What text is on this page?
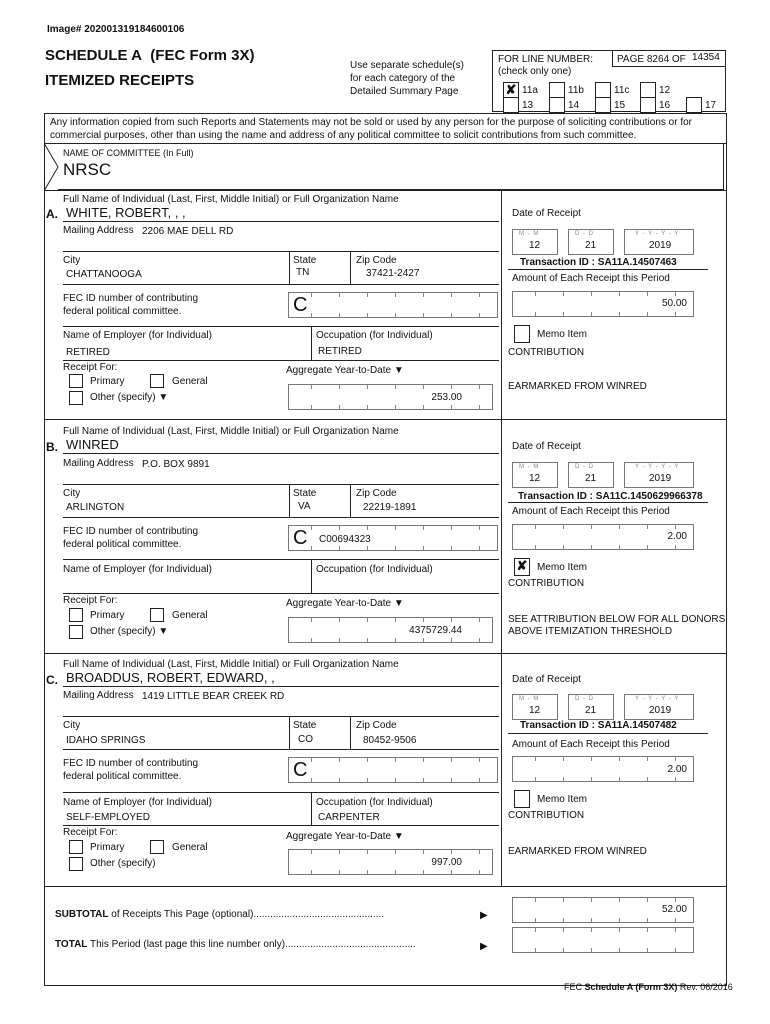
Image# 202001319184600106
SCHEDULE A (FEC Form 3X)
ITEMIZED RECEIPTS
Use separate schedule(s)
for each category of the
Detailed Summary Page
FOR LINE NUMBER:
(check only one)
PAGE 8264 OF 14354
✘ 11a	11b	11c	12
13	14	15	16	17
Any information copied from such Reports and Statements may not be sold or used by any person for the purpose of soliciting contributions or for commercial purposes, other than using the name and address of any political committee to solicit contributions from such committee.
NAME OF COMMITTEE (In Full)
NRSC
Full Name of Individual (Last, First, Middle Initial) or Full Organization Name
A. WHITE, ROBERT, , ,
Mailing Address 2206 MAE DELL RD
City
CHATTANOOGA
State
TN
Zip Code
37421-2427
FEC ID number of contributing
federal political committee.	C
Name of Employer (for Individual)
RETIRED
Occupation (for Individual)
RETIRED
Receipt For:
Primary	General
Other (specify) ▼
Aggregate Year-to-Date ▼
253.00
Date of Receipt
M - M
12
D - D
21
Y - Y - Y - Y
2019
Transaction ID : SA11A.14507463
Amount of Each Receipt this Period
50.00
Memo Item
CONTRIBUTION
EARMARKED FROM WINRED
Full Name of Individual (Last, First, Middle Initial) or Full Organization Name
B. WINRED
Mailing Address P.O. BOX 9891
City
ARLINGTON
State
VA
Zip Code
22219-1891
FEC ID number of contributing
federal political committee.	C C00694323
Name of Employer (for Individual)	Occupation (for Individual)
Receipt For:
Primary	General
Other (specify) ▼
Aggregate Year-to-Date ▼
4375729.44
Date of Receipt
M - M
12
D - D
21
Y - Y - Y - Y
2019
Transaction ID : SA11C.1450629966378
Amount of Each Receipt this Period
2.00
✘ Memo Item
CONTRIBUTION
SEE ATTRIBUTION BELOW FOR ALL DONORS
ABOVE ITEMIZATION THRESHOLD
Full Name of Individual (Last, First, Middle Initial) or Full Organization Name
C. BROADDUS, ROBERT, EDWARD, ,
Mailing Address 1419 LITTLE BEAR CREEK RD
City
IDAHO SPRINGS
State
CO
Zip Code
80452-9506
FEC ID number of contributing
federal political committee.	C
Name of Employer (for Individual)
SELF-EMPLOYED
Occupation (for Individual)
CARPENTER
Receipt For:
Primary	General
Other (specify)
Aggregate Year-to-Date ▼
997.00
Date of Receipt
M - M
12
D - D
21
Y - Y - Y - Y
2019
Transaction ID : SA11A.14507482
Amount of Each Receipt this Period
2.00
Memo Item
CONTRIBUTION
EARMARKED FROM WINRED
SUBTOTAL of Receipts This Page (optional)...............................................	▶
52.00
TOTAL This Period (last page this line number only)...............................................	▶
FEC Schedule A (Form 3X) Rev. 06/2016
